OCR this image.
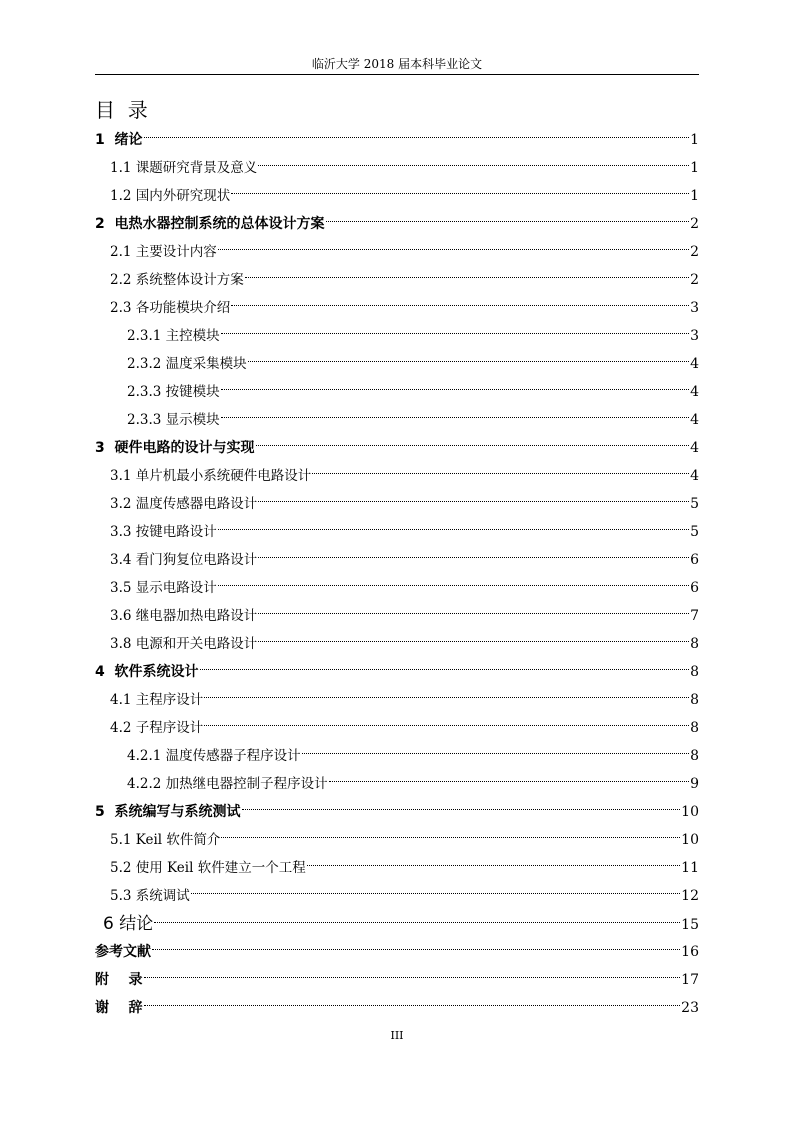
临沂大学 2018 届本科毕业论文
目  录
1  绪论	1
1.1 课题研究背景及意义	1
1.2 国内外研究现状	1
2  电热水器控制系统的总体设计方案	2
2.1 主要设计内容	2
2.2 系统整体设计方案	2
2.3 各功能模块介绍	3
2.3.1 主控模块	3
2.3.2 温度采集模块	4
2.3.3 按键模块	4
2.3.3 显示模块	4
3  硬件电路的设计与实现	4
3.1 单片机最小系统硬件电路设计	4
3.2 温度传感器电路设计	5
3.3 按键电路设计	5
3.4 看门狗复位电路设计	6
3.5 显示电路设计	6
3.6 继电器加热电路设计	7
3.8 电源和开关电路设计	8
4  软件系统设计	8
4.1 主程序设计	8
4.2 子程序设计	8
4.2.1 温度传感器子程序设计	8
4.2.2 加热继电器控制子程序设计	9
5  系统编写与系统测试	10
5.1 Keil 软件简介	10
5.2 使用 Keil 软件建立一个工程	11
5.3 系统调试	12
6 结论	15
参考文献	16
附    录	17
谢    辞	23
III
